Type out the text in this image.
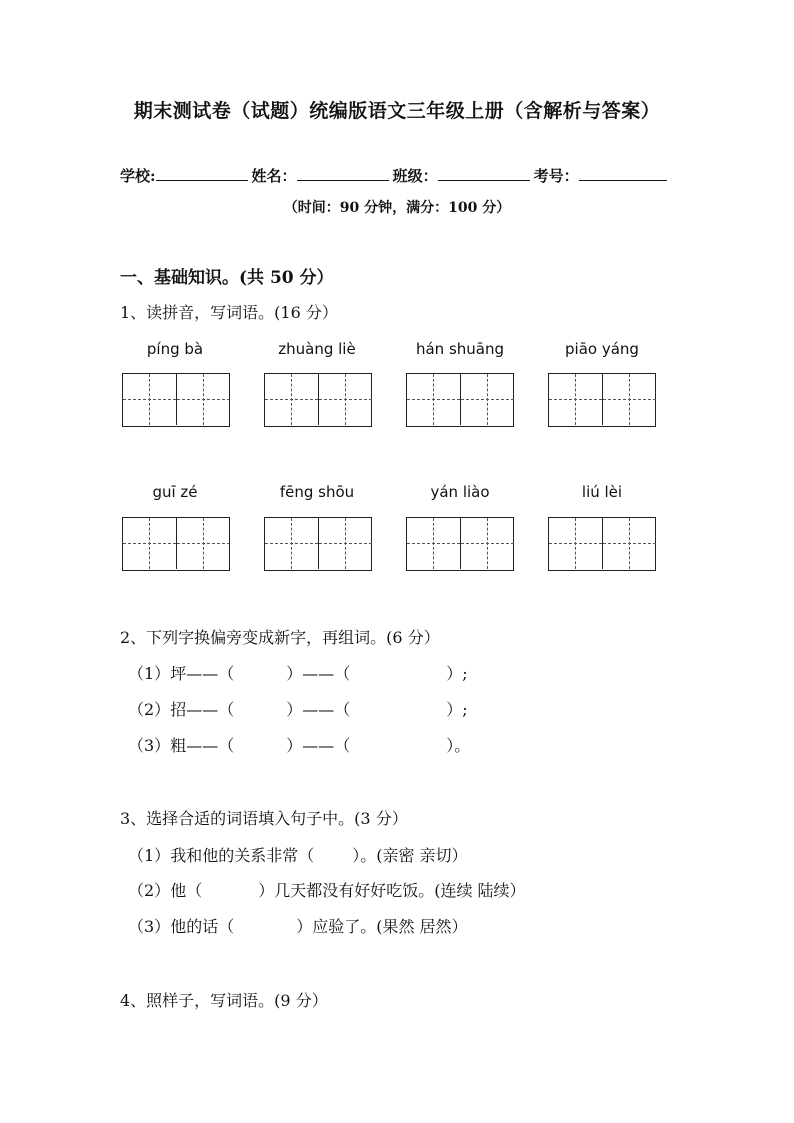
期末测试卷（试题）统编版语文三年级上册（含解析与答案）
学校:	姓名：	班级：	考号：
（时间：90 分钟，满分：100 分）
一、基础知识。(共 50 分）
1、读拼音，写词语。(16 分）
píng bà	zhuàng liè	hán shuāng	piāo yáng
guī zé	fēng shōu	yán liào	liú lèi
2、下列字换偏旁变成新字，再组词。(6 分）
（1）坪——（	）——（	）;
（2）招——（	）——（	）;
（3）粗——（	）——（	）。
3、选择合适的词语填入句子中。(3 分）
（1）我和他的关系非常（ ）。(亲密 亲切）
（2）他（	）几天都没有好好吃饭。(连续 陆续）
（3）他的话（	）应验了。(果然 居然）
4、照样子，写词语。(9 分）
